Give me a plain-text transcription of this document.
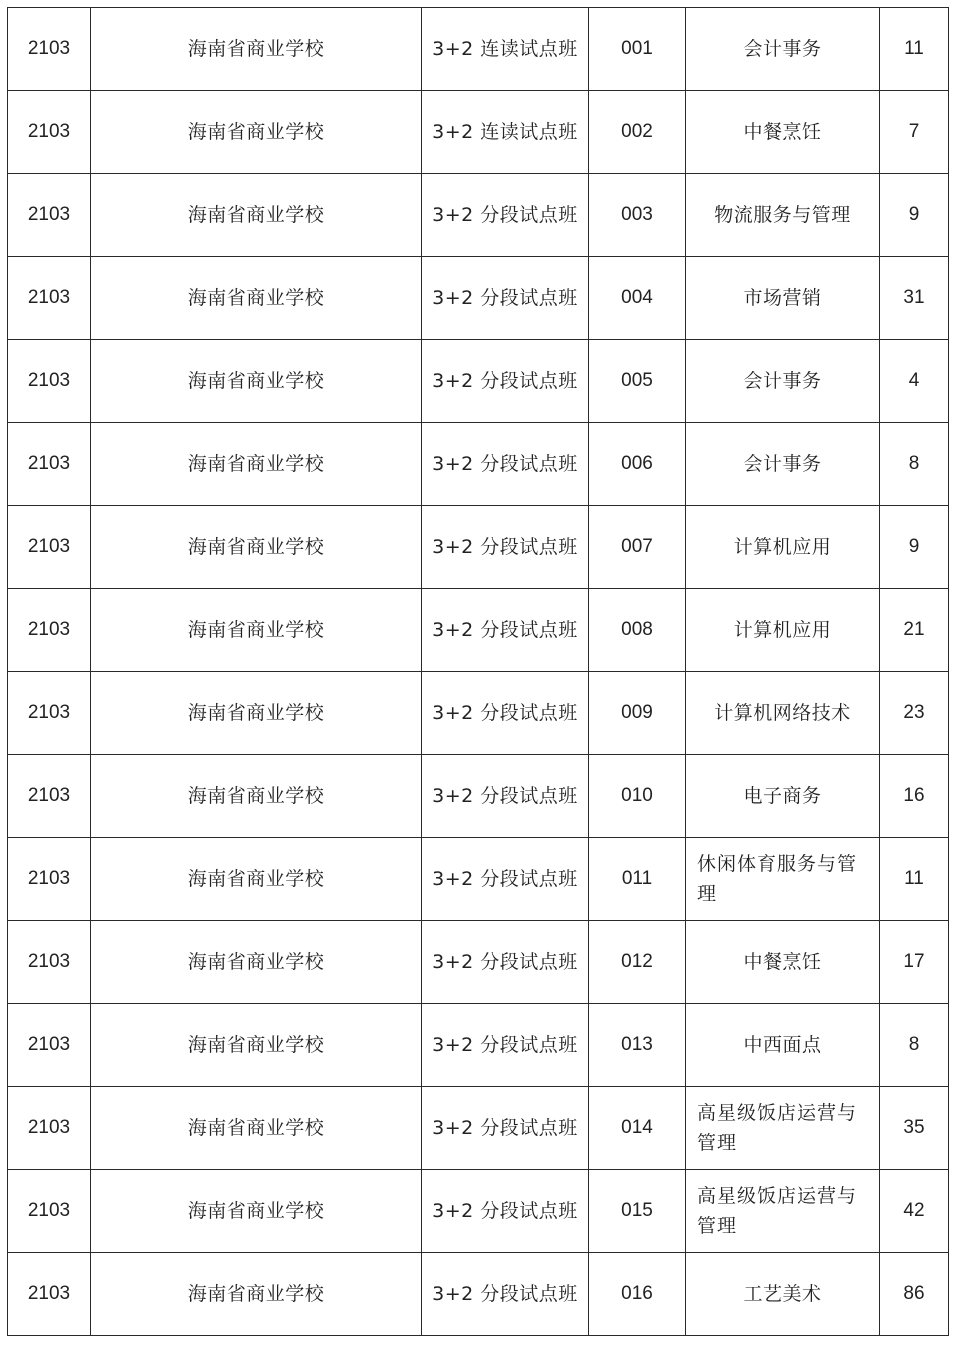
2103	海南省商业学校	3+2 连读试点班	001	会计事务	11
2103	海南省商业学校	3+2 连读试点班	002	中餐烹饪	7
2103	海南省商业学校	3+2 分段试点班	003	物流服务与管理	9
2103	海南省商业学校	3+2 分段试点班	004	市场营销	31
2103	海南省商业学校	3+2 分段试点班	005	会计事务	4
2103	海南省商业学校	3+2 分段试点班	006	会计事务	8
2103	海南省商业学校	3+2 分段试点班	007	计算机应用	9
2103	海南省商业学校	3+2 分段试点班	008	计算机应用	21
2103	海南省商业学校	3+2 分段试点班	009	计算机网络技术	23
2103	海南省商业学校	3+2 分段试点班	010	电子商务	16
2103	海南省商业学校	3+2 分段试点班	011	休闲体育服务与管理	11
2103	海南省商业学校	3+2 分段试点班	012	中餐烹饪	17
2103	海南省商业学校	3+2 分段试点班	013	中西面点	8
2103	海南省商业学校	3+2 分段试点班	014	高星级饭店运营与管理	35
2103	海南省商业学校	3+2 分段试点班	015	高星级饭店运营与管理	42
2103	海南省商业学校	3+2 分段试点班	016	工艺美术	86
